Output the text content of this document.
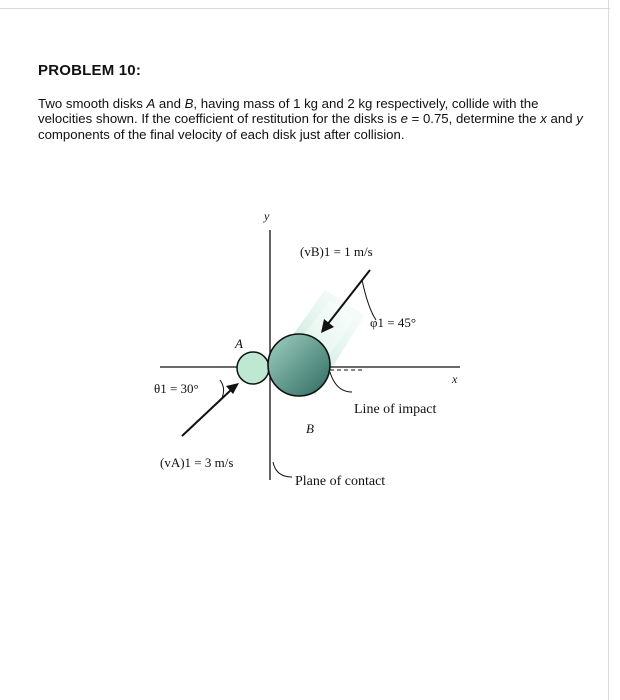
PROBLEM 10:
Two smooth disks A and B, having mass of 1 kg and 2 kg respectively, collide with the velocities shown. If the coefficient of restitution for the disks is e = 0.75, determine the x and y components of the final velocity of each disk just after collision.
y
x
A
B
(vB)1 = 1 m/s
φ1 = 45°
(vA)1 = 3 m/s
θ1 = 30°
Line of impact
Plane of contact
